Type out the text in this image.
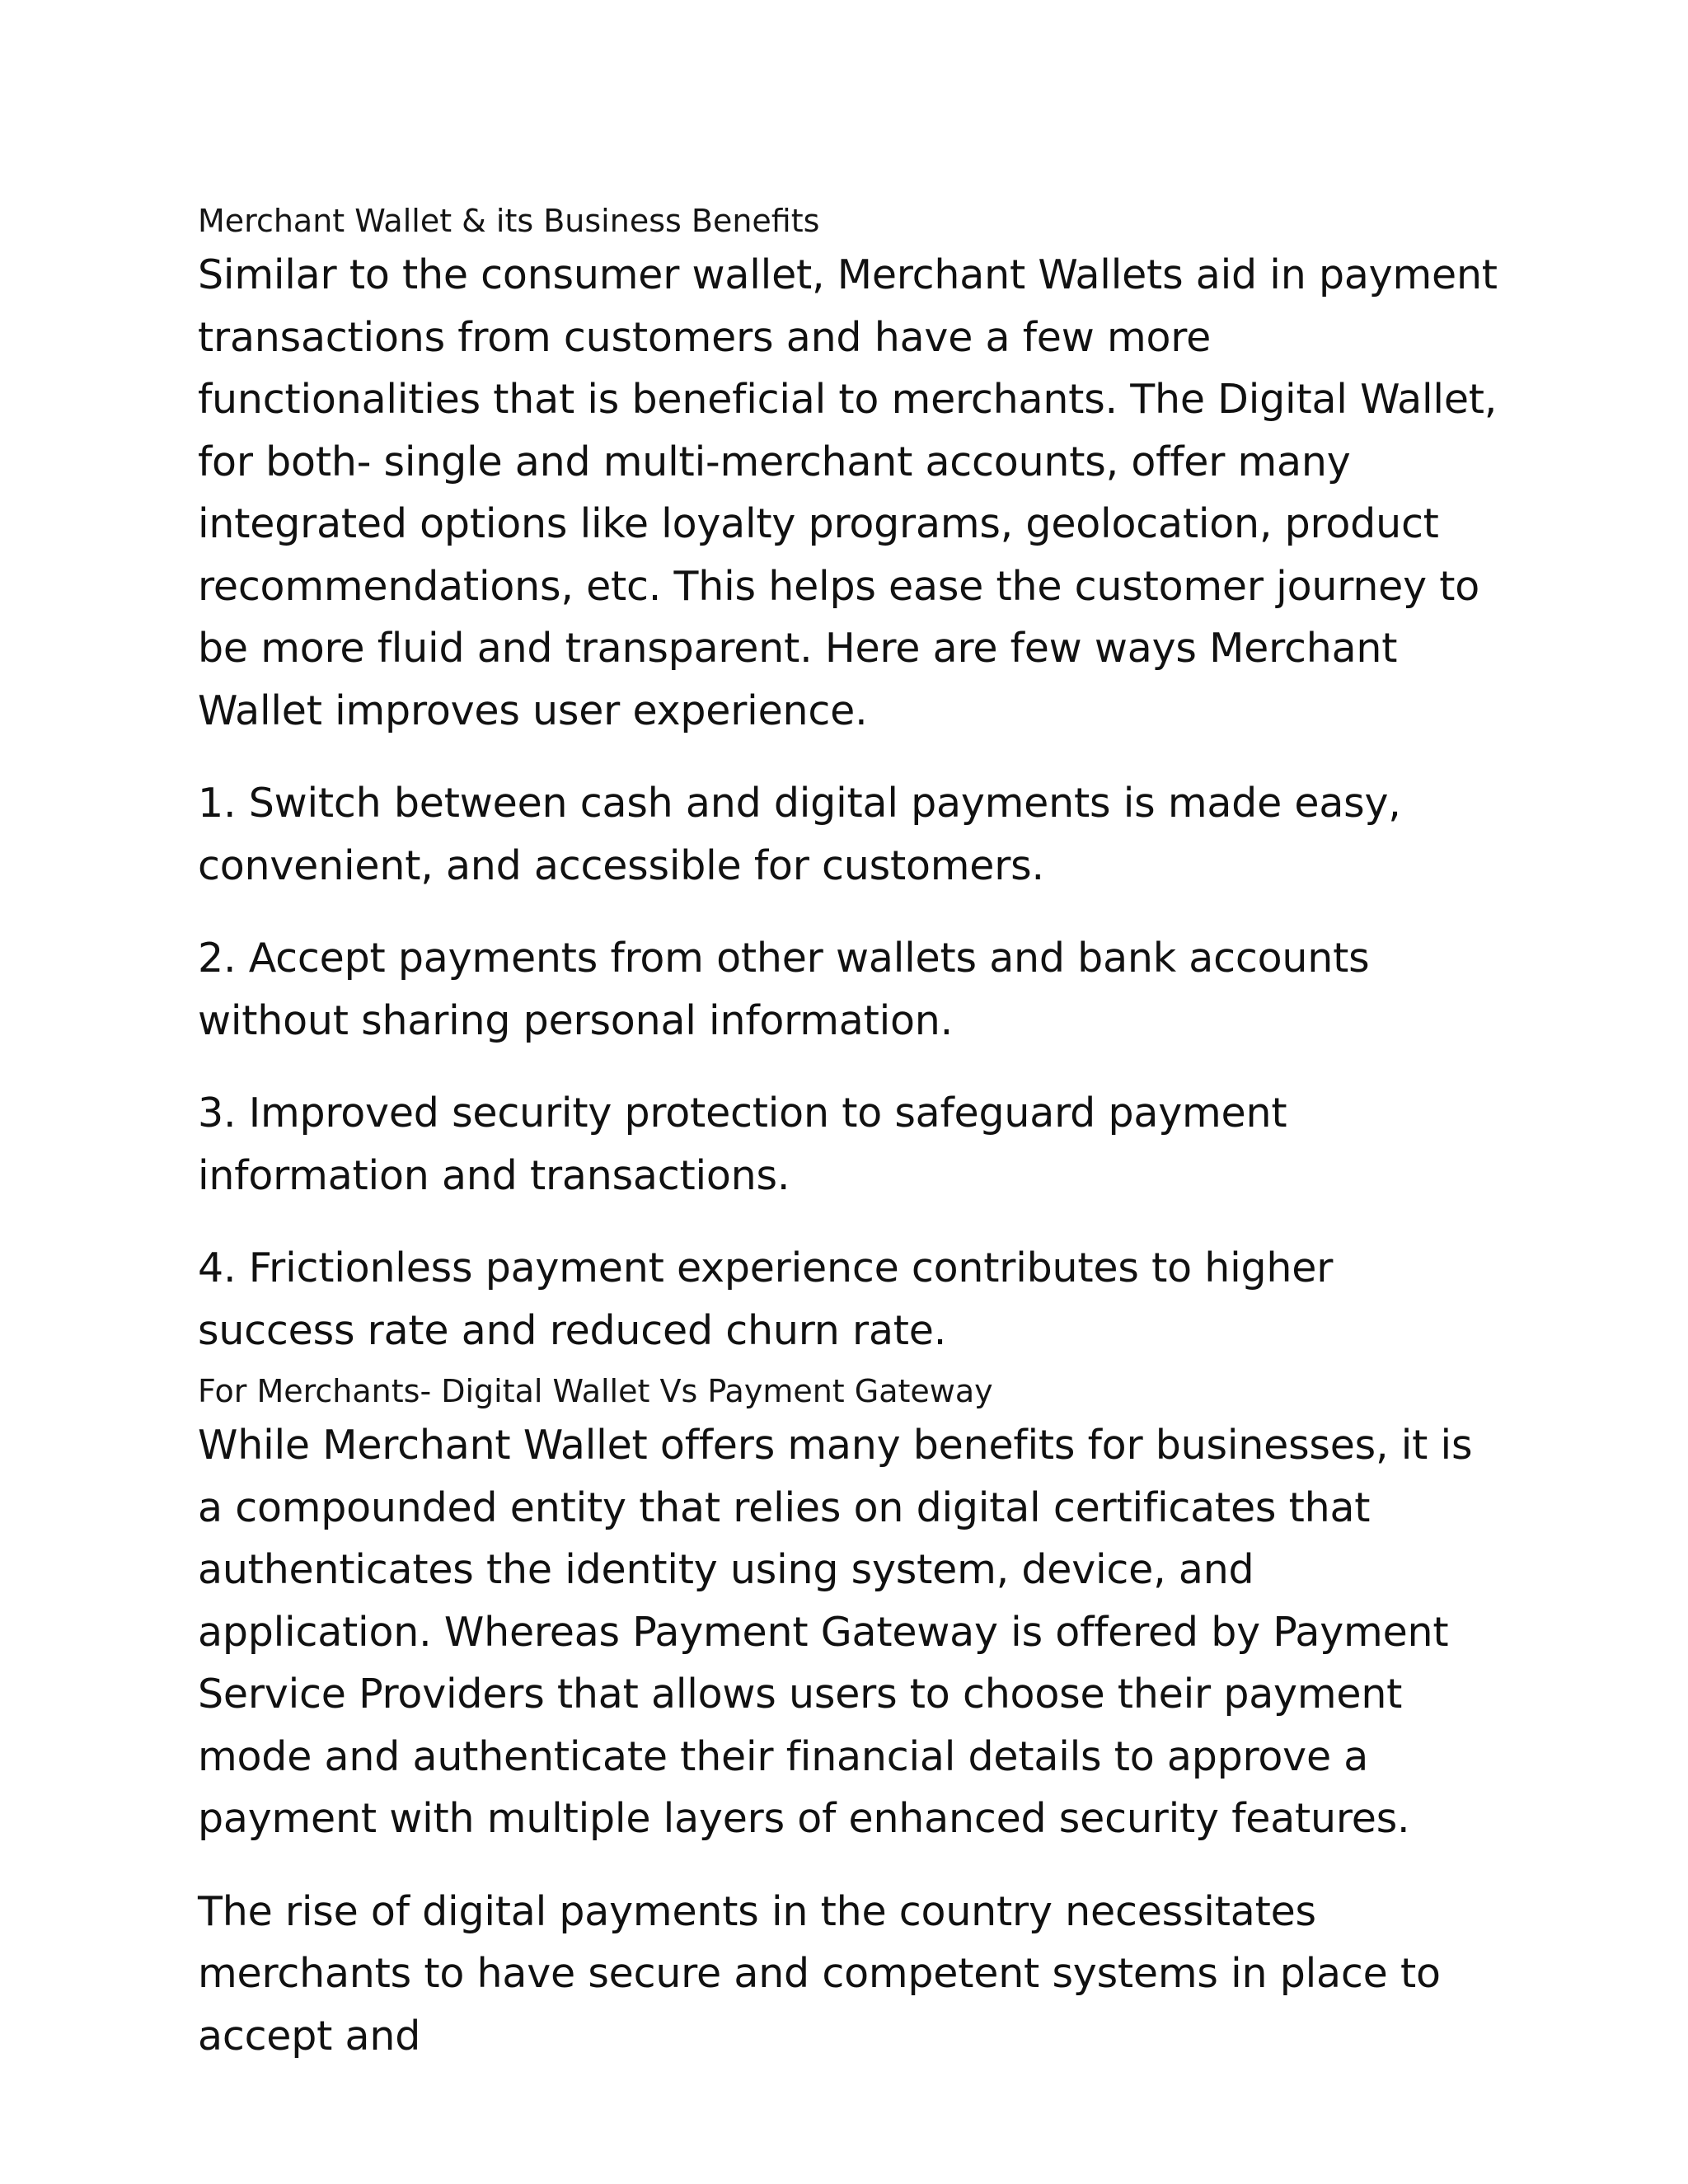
Merchant Wallet & its Business Benefits

Similar to the consumer wallet, Merchant Wallets aid in payment transactions from customers and have a few more functionalities that is beneficial to merchants. The Digital Wallet, for both- single and multi-merchant accounts, offer many integrated options like loyalty programs, geolocation, product recommendations, etc. This helps ease the customer journey to be more fluid and transparent. Here are few ways Merchant Wallet improves user experience.

1. Switch between cash and digital payments is made easy, convenient, and accessible for customers.

2. Accept payments from other wallets and bank accounts without sharing personal information.

3. Improved security protection to safeguard payment information and transactions.

4. Frictionless payment experience contributes to higher success rate and reduced churn rate.

For Merchants- Digital Wallet Vs Payment Gateway

While Merchant Wallet offers many benefits for businesses, it is a compounded entity that relies on digital certificates that authenticates the identity using system, device, and application. Whereas Payment Gateway is offered by Payment Service Providers that allows users to choose their payment mode and authenticate their financial details to approve a payment with multiple layers of enhanced security features.

The rise of digital payments in the country necessitates merchants to have secure and competent systems in place to accept and
